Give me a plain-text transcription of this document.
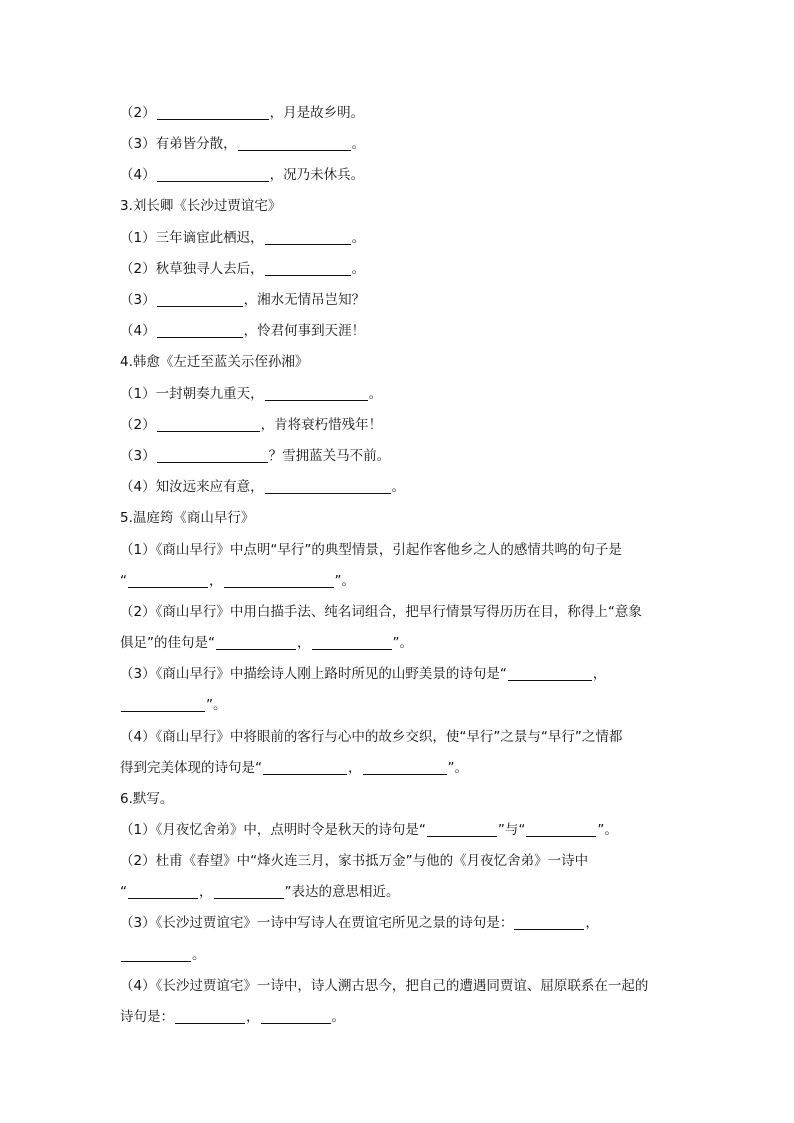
（2）	，月是故乡明。
（3）有弟皆分散，	。
（4）	，况乃未休兵。
3.刘长卿《长沙过贾谊宅》
（1）三年谪宦此栖迟，	。
（2）秋草独寻人去后，	。
（3）	，湘水无情吊岂知？
（4）	，怜君何事到天涯！
4.韩愈《左迁至蓝关示侄孙湘》
（1）一封朝奏九重天，	。
（2）	，肯将衰朽惜残年！
（3）	？雪拥蓝关马不前。
（4）知汝远来应有意，	。
5.温庭筠《商山早行》
（1）《商山早行》中点明“早行”的典型情景，引起作客他乡之人的感情共鸣的句子是
“	，	”。
（2）《商山早行》中用白描手法、纯名词组合，把早行情景写得历历在目，称得上“意象
俱足”的佳句是“	，	”。
（3）《商山早行》中描绘诗人刚上路时所见的山野美景的诗句是“	，
”。
（4）《商山早行》中将眼前的客行与心中的故乡交织，使“早行”之景与“早行”之情都
得到完美体现的诗句是“	，	”。
6.默写。
（1）《月夜忆舍弟》中，点明时令是秋天的诗句是“	”与“	”。
（2）杜甫《春望》中“烽火连三月，家书抵万金”与他的《月夜忆舍弟》一诗中
“	，	”表达的意思相近。
（3）《长沙过贾谊宅》一诗中写诗人在贾谊宅所见之景的诗句是：	，
。
（4）《长沙过贾谊宅》一诗中，诗人溯古思今，把自己的遭遇同贾谊、屈原联系在一起的
诗句是：	，	。
